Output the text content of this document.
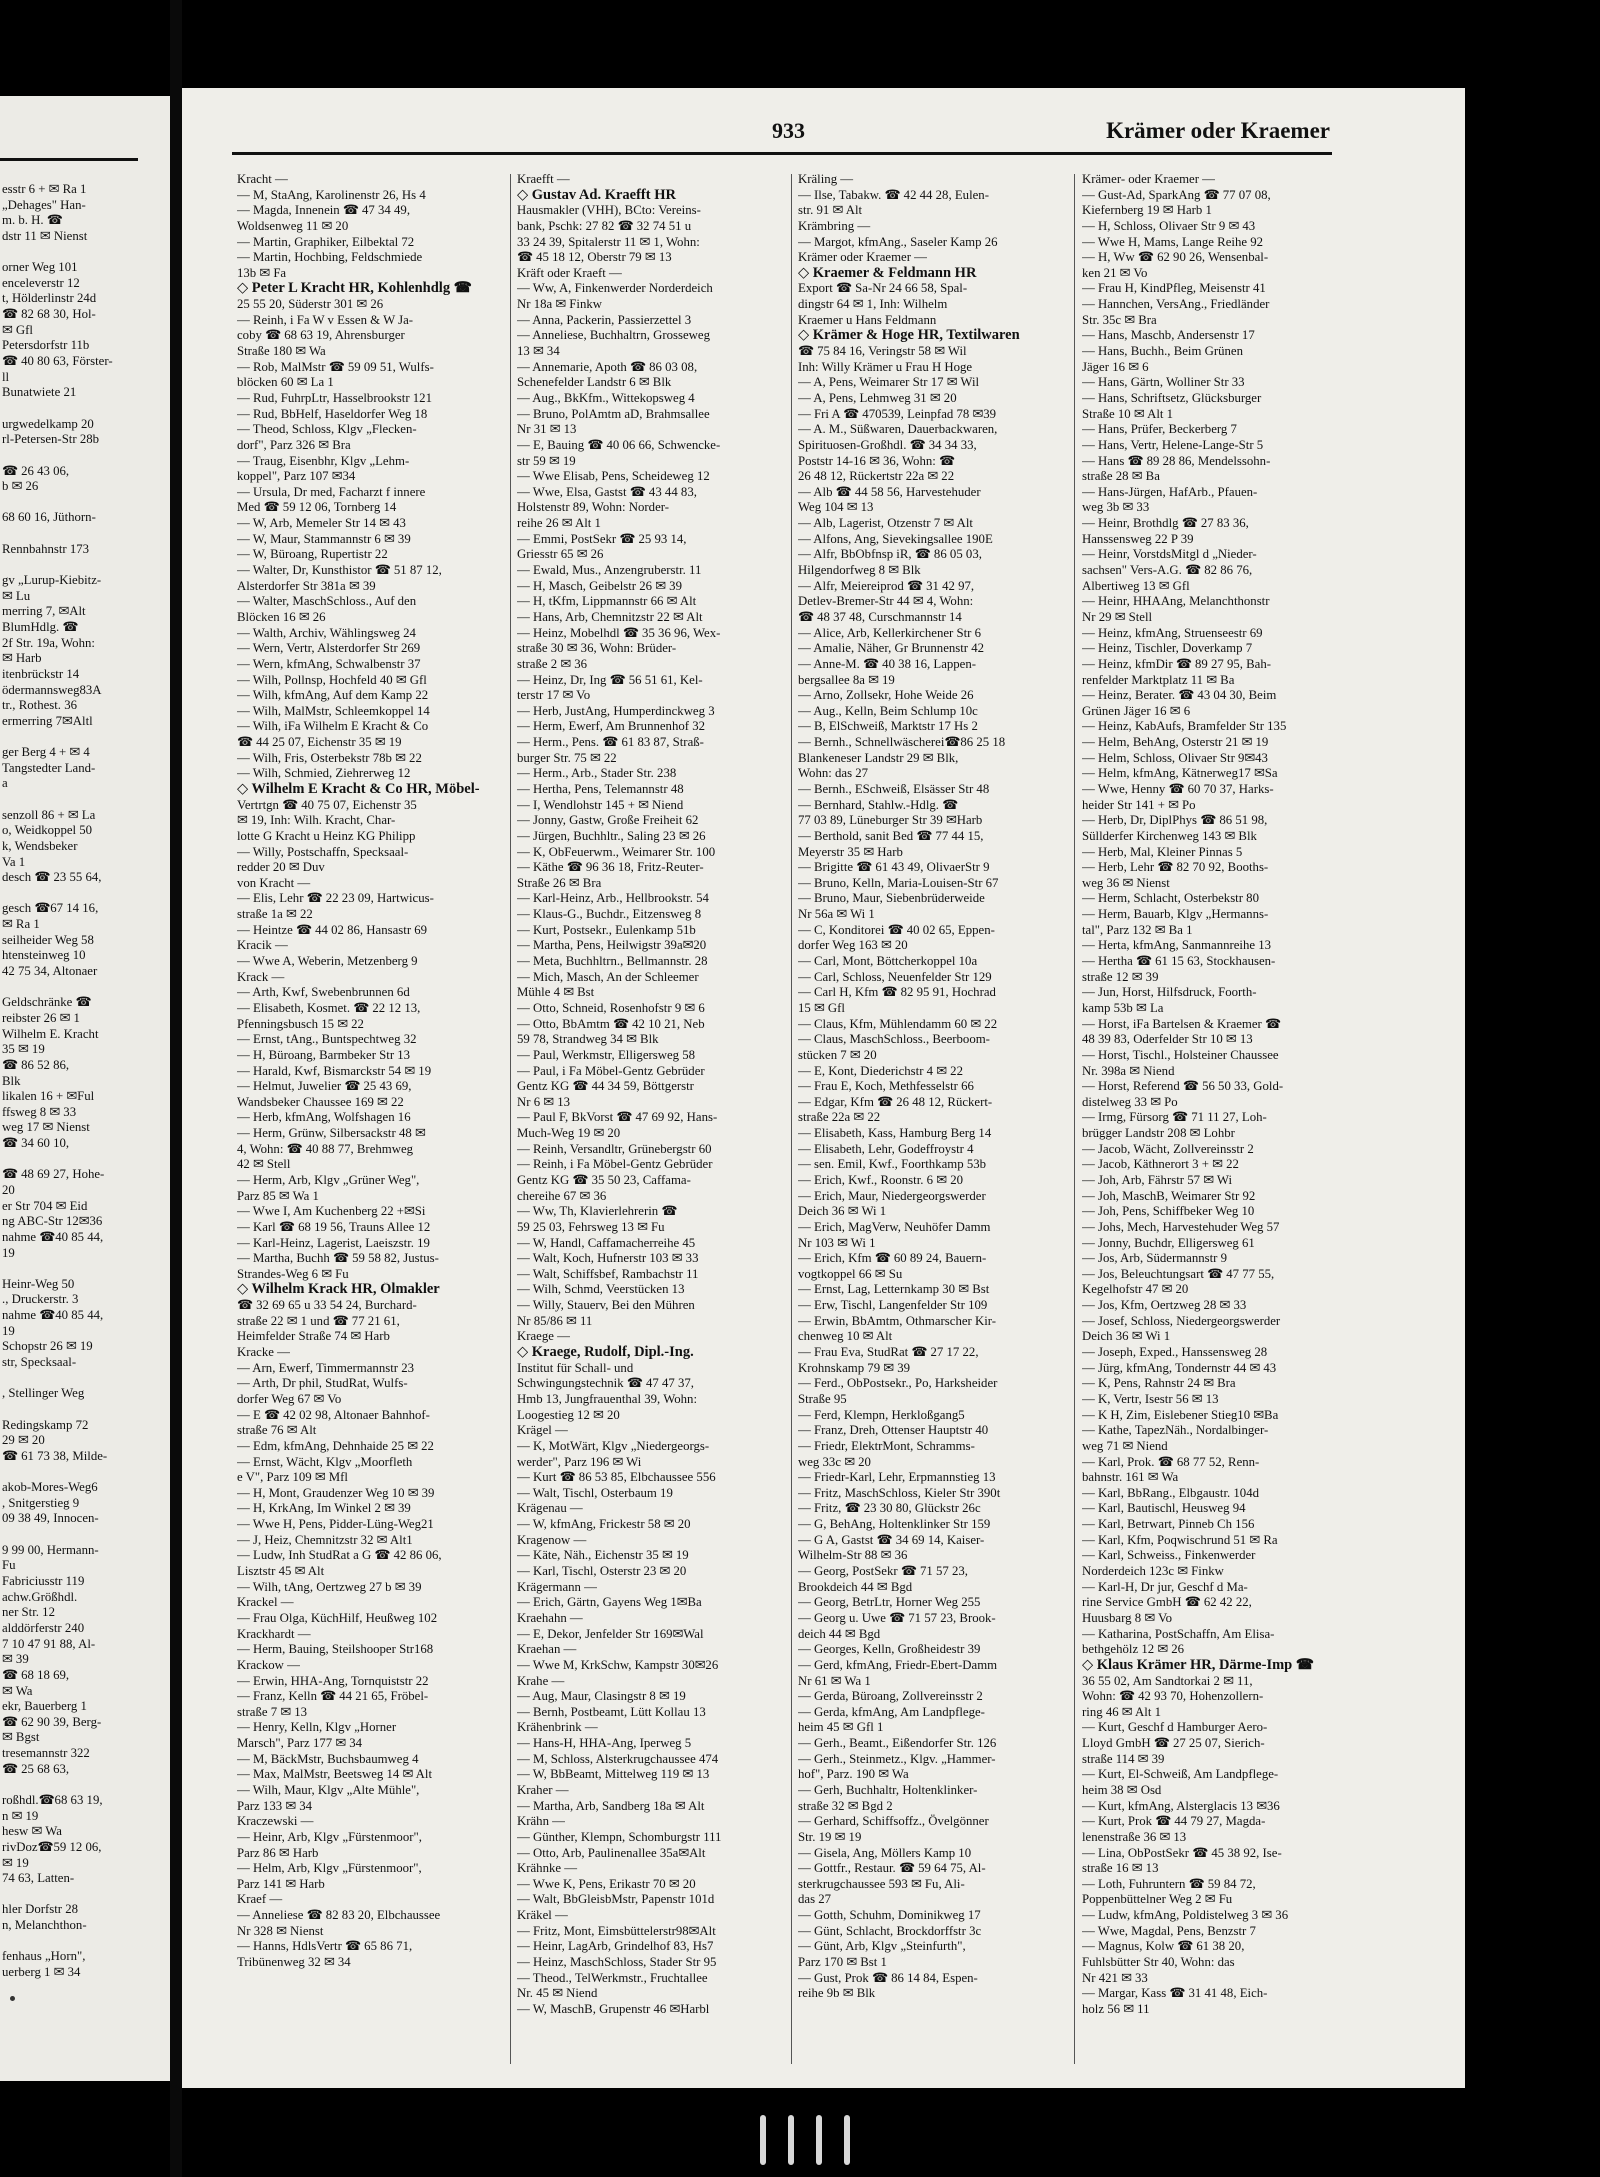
esstr 6 + ✉ Ra 1
„Dehages" Han-
m. b. H. ☎
dstr 11 ✉ Nienst
orner Weg 101
enceleverstr 12
t, Hölderlinstr 24d
☎ 82 68 30, Hol-
✉ Gfl
Petersdorfstr 11b
☎ 40 80 63, Förster-
ll
Bunatwiete 21
urgwedelkamp 20
rl-Petersen-Str 28b
☎ 26 43 06,
b ✉ 26
68 60 16, Jüthorn-
Rennbahnstr 173
gv „Lurup-Kiebitz-
✉ Lu
merring 7, ✉Alt
BlumHdlg. ☎
2f Str. 19a, Wohn:
✉ Harb
itenbrückstr 14
ödermannsweg83A
tr., Rothest. 36
ermerring 7✉Altl
ger Berg 4 + ✉ 4
Tangstedter Land-
a
senzoll 86 + ✉ La
o, Weidkoppel 50
k, Wendsbeker
Va 1
desch ☎ 23 55 64,
gesch ☎67 14 16,
✉ Ra 1
seilheider Weg 58
htensteinweg 10
42 75 34, Altonaer
Geldschränke ☎
reibster 26 ✉ 1
Wilhelm E. Kracht
35 ✉ 19
☎ 86 52 86,
Blk
likalen 16 + ✉Ful
ffsweg 8 ✉ 33
weg 17 ✉ Nienst
☎ 34 60 10,
☎ 48 69 27, Hohe-
20
er Str 704 ✉ Eid
ng ABC-Str 12✉36
nahme ☎40 85 44,
19
Heinr-Weg 50
., Druckerstr. 3
nahme ☎40 85 44,
19
Schopstr 26 ✉ 19
str, Specksaal-
, Stellinger Weg
Redingskamp 72
29 ✉ 20
☎ 61 73 38, Milde-
akob-Mores-Weg6
, Snitgerstieg 9
09 38 49, Innocen-
9 99 00, Hermann-
Fu
Fabriciusstr 119
achw.Größhdl.
ner Str. 12
alddörferstr 240
7 10 47 91 88, Al-
✉ 39
☎ 68 18 69,
✉ Wa
ekr, Bauerberg 1
☎ 62 90 39, Berg-
✉ Bgst
tresemannstr 322
☎ 25 68 63,
roßhdl.☎68 63 19,
n ✉ 19
hesw ✉ Wa
rivDoz☎59 12 06,
✉ 19
74 63, Latten-
hler Dorfstr 28
n, Melanchthon-
fenhaus „Horn",
uerberg 1 ✉ 34
933	Krämer oder Kraemer
Kracht —
— M, StaAng, Karolinenstr 26, Hs 4
— Magda, Innenein ☎ 47 34 49,
Woldsenweg 11 ✉ 20
— Martin, Graphiker, Eilbektal 72
— Martin, Hochbing, Feldschmiede
13b ✉ Fa
◇ Peter L Kracht HR, Kohlenhdlg ☎
25 55 20, Süderstr 301 ✉ 26
— Reinh, i Fa W v Essen & W Ja-
coby ☎ 68 63 19, Ahrensburger
Straße 180 ✉ Wa
— Rob, MalMstr ☎ 59 09 51, Wulfs-
blöcken 60 ✉ La 1
— Rud, FuhrpLtr, Hasselbrookstr 121
— Rud, BbHelf, Haseldorfer Weg 18
— Theod, Schloss, Klgv „Flecken-
dorf", Parz 326 ✉ Bra
— Traug, Eisenbhr, Klgv „Lehm-
koppel", Parz 107 ✉34
— Ursula, Dr med, Facharzt f innere
Med ☎ 59 12 06, Tornberg 14
— W, Arb, Memeler Str 14 ✉ 43
— W, Maur, Stammannstr 6 ✉ 39
— W, Büroang, Rupertistr 22
— Walter, Dr, Kunsthistor ☎ 51 87 12,
Alsterdorfer Str 381a ✉ 39
— Walter, MaschSchloss., Auf den
Blöcken 16 ✉ 26
— Walth, Archiv, Wählingsweg 24
— Wern, Vertr, Alsterdorfer Str 269
— Wern, kfmAng, Schwalbenstr 37
— Wilh, Pollnsp, Hochfeld 40 ✉ Gfl
— Wilh, kfmAng, Auf dem Kamp 22
— Wilh, MalMstr, Schleemkoppel 14
— Wilh, iFa Wilhelm E Kracht & Co
☎ 44 25 07, Eichenstr 35 ✉ 19
— Wilh, Fris, Osterbekstr 78b ✉ 22
— Wilh, Schmied, Ziehrerweg 12
◇ Wilhelm E Kracht & Co HR, Möbel-
Vertrtgn ☎ 40 75 07, Eichenstr 35
✉ 19, Inh: Wilh. Kracht, Char-
lotte G Kracht u Heinz KG Philipp
— Willy, Postschaffn, Specksaal-
redder 20 ✉ Duv
von Kracht —
— Elis, Lehr ☎ 22 23 09, Hartwicus-
straße 1a ✉ 22
— Heintze ☎ 44 02 86, Hansastr 69
Kracik —
— Wwe A, Weberin, Metzenberg 9
Krack —
— Arth, Kwf, Swebenbrunnen 6d
— Elisabeth, Kosmet. ☎ 22 12 13,
Pfenningsbusch 15 ✉ 22
— Ernst, tAng., Buntspechtweg 32
— H, Büroang, Barmbeker Str 13
— Harald, Kwf, Bismarckstr 54 ✉ 19
— Helmut, Juwelier ☎ 25 43 69,
Wandsbeker Chaussee 169 ✉ 22
— Herb, kfmAng, Wolfshagen 16
— Herm, Grünw, Silbersackstr 48 ✉
4, Wohn: ☎ 40 88 77, Brehmweg
42 ✉ Stell
— Herm, Arb, Klgv „Grüner Weg",
Parz 85 ✉ Wa 1
— Wwe I, Am Kuchenberg 22 +✉Si
— Karl ☎ 68 19 56, Trauns Allee 12
— Karl-Heinz, Lagerist, Laeiszstr. 19
— Martha, Buchh ☎ 59 58 82, Justus-
Strandes-Weg 6 ✉ Fu
◇ Wilhelm Krack HR, Ölmakler
☎ 32 69 65 u 33 54 24, Burchard-
straße 22 ✉ 1 und ☎ 77 21 61,
Heimfelder Straße 74 ✉ Harb
Kracke —
— Arn, Ewerf, Timmermannstr 23
— Arth, Dr phil, StudRat, Wulfs-
dorfer Weg 67 ✉ Vo
— E ☎ 42 02 98, Altonaer Bahnhof-
straße 76 ✉ Alt
— Edm, kfmAng, Dehnhaide 25 ✉ 22
— Ernst, Wächt, Klgv „Moorfleth
e V", Parz 109 ✉ Mfl
— H, Mont, Graudenzer Weg 10 ✉ 39
— H, KrkAng, Im Winkel 2 ✉ 39
— Wwe H, Pens, Pidder-Lüng-Weg21
— J, Heiz, Chemnitzstr 32 ✉ Alt1
— Ludw, Inh StudRat a G ☎ 42 86 06,
Lisztstr 45 ✉ Alt
— Wilh, tAng, Oertzweg 27 b ✉ 39
Krackel —
— Frau Olga, KüchHilf, Heußweg 102
Krackhardt —
— Herm, Bauing, Steilshooper Str168
Krackow —
— Erwin, HHA-Ang, Tornquiststr 22
— Franz, Kelln ☎ 44 21 65, Fröbel-
straße 7 ✉ 13
— Henry, Kelln, Klgv „Horner
Marsch", Parz 177 ✉ 34
— M, BäckMstr, Buchsbaumweg 4
— Max, MalMstr, Beetsweg 14 ✉ Alt
— Wilh, Maur, Klgv „Alte Mühle",
Parz 133 ✉ 34
Kraczewski —
— Heinr, Arb, Klgv „Fürstenmoor",
Parz 86 ✉ Harb
— Helm, Arb, Klgv „Fürstenmoor",
Parz 141 ✉ Harb
Kraef —
— Anneliese ☎ 82 83 20, Elbchaussee
Nr 328 ✉ Nienst
— Hanns, HdlsVertr ☎ 65 86 71,
Tribünenweg 32 ✉ 34
Kraefft —
◇ Gustav Ad. Kraefft HR
Hausmakler (VHH), BCto: Vereins-
bank, Pschk: 27 82 ☎ 32 74 51 u
33 24 39, Spitalerstr 11 ✉ 1, Wohn:
☎ 45 18 12, Oberstr 79 ✉ 13
Kräft oder Kraeft —
— Ww, A, Finkenwerder Norderdeich
Nr 18a ✉ Finkw
— Anna, Packerin, Passierzettel 3
— Anneliese, Buchhaltrn, Grosseweg
13 ✉ 34
— Annemarie, Apoth ☎ 86 03 08,
Schenefelder Landstr 6 ✉ Blk
— Aug., BkKfm., Wittekopsweg 4
— Bruno, PolAmtm aD, Brahmsallee
Nr 31 ✉ 13
— E, Bauing ☎ 40 06 66, Schwencke-
str 59 ✉ 19
— Wwe Elisab, Pens, Scheideweg 12
— Wwe, Elsa, Gastst ☎ 43 44 83,
Holstenstr 89, Wohn: Norder-
reihe 26 ✉ Alt 1
— Emmi, PostSekr ☎ 25 93 14,
Griesstr 65 ✉ 26
— Ewald, Mus., Anzengruberstr. 11
— H, Masch, Geibelstr 26 ✉ 39
— H, tKfm, Lippmannstr 66 ✉ Alt
— Hans, Arb, Chemnitzstr 22 ✉ Alt
— Heinz, Mobelhdl ☎ 35 36 96, Wex-
straße 30 ✉ 36, Wohn: Brüder-
straße 2 ✉ 36
— Heinz, Dr, Ing ☎ 56 51 61, Kel-
terstr 17 ✉ Vo
— Herb, JustAng, Humperdinckweg 3
— Herm, Ewerf, Am Brunnenhof 32
— Herm., Pens. ☎ 61 83 87, Straß-
burger Str. 75 ✉ 22
— Herm., Arb., Stader Str. 238
— Hertha, Pens, Telemannstr 48
— I, Wendlohstr 145 + ✉ Niend
— Jonny, Gastw, Große Freiheit 62
— Jürgen, Buchhltr., Saling 23 ✉ 26
— K, ObFeuerwm., Weimarer Str. 100
— Käthe ☎ 96 36 18, Fritz-Reuter-
Straße 26 ✉ Bra
— Karl-Heinz, Arb., Hellbrookstr. 54
— Klaus-G., Buchdr., Eitzensweg 8
— Kurt, Postsekr., Eulenkamp 51b
— Martha, Pens, Heilwigstr 39a✉20
— Meta, Buchhltrn., Bellmannstr. 28
— Mich, Masch, An der Schleemer
Mühle 4 ✉ Bst
— Otto, Schneid, Rosenhofstr 9 ✉ 6
— Otto, BbAmtm ☎ 42 10 21, Neb
59 78, Strandweg 34 ✉ Blk
— Paul, Werkmstr, Elligersweg 58
— Paul, i Fa Möbel-Gentz Gebrüder
Gentz KG ☎ 44 34 59, Böttgerstr
Nr 6 ✉ 13
— Paul F, BkVorst ☎ 47 69 92, Hans-
Much-Weg 19 ✉ 20
— Reinh, Versandltr, Grünebergstr 60
— Reinh, i Fa Möbel-Gentz Gebrüder
Gentz KG ☎ 35 50 23, Caffama-
chereihe 67 ✉ 36
— Ww, Th, Klavierlehrerin ☎
59 25 03, Fehrsweg 13 ✉ Fu
— W, Handl, Caffamacherreihe 45
— Walt, Koch, Hufnerstr 103 ✉ 33
— Walt, Schiffsbef, Rambachstr 11
— Wilh, Schmd, Veerstücken 13
— Willy, Stauerv, Bei den Mühren
Nr 85/86 ✉ 11
Kraege —
◇ Kraege, Rudolf, Dipl.-Ing.
Institut für Schall- und
Schwingungstechnik ☎ 47 47 37,
Hmb 13, Jungfrauenthal 39, Wohn:
Loogestieg 12 ✉ 20
Krägel —
— K, MotWärt, Klgv „Niedergeorgs-
werder", Parz 196 ✉ Wi
— Kurt ☎ 86 53 85, Elbchaussee 556
— Walt, Tischl, Osterbaum 19
Krägenau —
— W, kfmAng, Frickestr 58 ✉ 20
Kragenow —
— Käte, Näh., Eichenstr 35 ✉ 19
— Karl, Tischl, Osterstr 23 ✉ 20
Krägermann —
— Erich, Gärtn, Gayens Weg 1✉Ba
Kraehahn —
— E, Dekor, Jenfelder Str 169✉Wal
Kraehan —
— Wwe M, KrkSchw, Kampstr 30✉26
Krahe —
— Aug, Maur, Clasingstr 8 ✉ 19
— Bernh, Postbeamt, Lütt Kollau 13
Krähenbrink —
— Hans-H, HHA-Ang, Iperweg 5
— M, Schloss, Alsterkrugchaussee 474
— W, BbBeamt, Mittelweg 119 ✉ 13
Kraher —
— Martha, Arb, Sandberg 18a ✉ Alt
Krähn —
— Günther, Klempn, Schomburgstr 111
— Otto, Arb, Paulinenallee 35a✉Alt
Krähnke —
— Wwe K, Pens, Erikastr 70 ✉ 20
— Walt, BbGleisbMstr, Papenstr 101d
Kräkel —
— Fritz, Mont, Eimsbüttelerstr98✉Alt
— Heinr, LagArb, Grindelhof 83, Hs7
— Heinz, MaschSchloss, Stader Str 95
— Theod., TelWerkmstr., Fruchtallee
Nr. 45 ✉ Niend
— W, MaschB, Grupenstr 46 ✉Harbl
Kräling —
— Ilse, Tabakw. ☎ 42 44 28, Eulen-
str. 91 ✉ Alt
Krämbring —
— Margot, kfmAng., Saseler Kamp 26
Krämer oder Kraemer —
◇ Kraemer & Feldmann HR
Export ☎ Sa-Nr 24 66 58, Spal-
dingstr 64 ✉ 1, Inh: Wilhelm
Kraemer u Hans Feldmann
◇ Krämer & Hoge HR, Textilwaren
☎ 75 84 16, Veringstr 58 ✉ Wil
Inh: Willy Krämer u Frau H Hoge
— A, Pens, Weimarer Str 17 ✉ Wil
— A, Pens, Lehmweg 31 ✉ 20
— Fri A ☎ 470539, Leinpfad 78 ✉39
— A. M., Süßwaren, Dauerbackwaren,
Spirituosen-Großhdl. ☎ 34 34 33,
Poststr 14-16 ✉ 36, Wohn: ☎
26 48 12, Rückertstr 22a ✉ 22
— Alb ☎ 44 58 56, Harvestehuder
Weg 104 ✉ 13
— Alb, Lagerist, Otzenstr 7 ✉ Alt
— Alfons, Ang, Sievekingsallee 190E
— Alfr, BbObfnsp iR, ☎ 86 05 03,
Hilgendorfweg 8 ✉ Blk
— Alfr, Meiereiprod ☎ 31 42 97,
Detlev-Bremer-Str 44 ✉ 4, Wohn:
☎ 48 37 48, Curschmannstr 14
— Alice, Arb, Kellerkirchener Str 6
— Amalie, Näher, Gr Brunnenstr 42
— Anne-M. ☎ 40 38 16, Lappen-
bergsallee 8a ✉ 19
— Arno, Zollsekr, Hohe Weide 26
— Aug., Kelln, Beim Schlump 10c
— B, ElSchweiß, Marktstr 17 Hs 2
— Bernh., Schnellwäscherei☎86 25 18
Blankeneser Landstr 29 ✉ Blk,
Wohn: das 27
— Bernh., ESchweiß, Elsässer Str 48
— Bernhard, Stahlw.-Hdlg. ☎
77 03 89, Lüneburger Str 39 ✉Harb
— Berthold, sanit Bed ☎ 77 44 15,
Meyerstr 35 ✉ Harb
— Brigitte ☎ 61 43 49, OlivaerStr 9
— Bruno, Kelln, Maria-Louisen-Str 67
— Bruno, Maur, Siebenbrüderweide
Nr 56a ✉ Wi 1
— C, Konditorei ☎ 40 02 65, Eppen-
dorfer Weg 163 ✉ 20
— Carl, Mont, Böttcherkoppel 10a
— Carl, Schloss, Neuenfelder Str 129
— Carl H, Kfm ☎ 82 95 91, Hochrad
15 ✉ Gfl
— Claus, Kfm, Mühlendamm 60 ✉ 22
— Claus, MaschSchloss., Beerboom-
stücken 7 ✉ 20
— E, Kont, Diederichstr 4 ✉ 22
— Frau E, Koch, Methfesselstr 66
— Edgar, Kfm ☎ 26 48 12, Rückert-
straße 22a ✉ 22
— Elisabeth, Kass, Hamburg Berg 14
— Elisabeth, Lehr, Godeffroystr 4
— sen. Emil, Kwf., Foorthkamp 53b
— Erich, Kwf., Roonstr. 6 ✉ 20
— Erich, Maur, Niedergeorgswerder
Deich 36 ✉ Wi 1
— Erich, MagVerw, Neuhöfer Damm
Nr 103 ✉ Wi 1
— Erich, Kfm ☎ 60 89 24, Bauern-
vogtkoppel 66 ✉ Su
— Ernst, Lag, Letternkamp 30 ✉ Bst
— Erw, Tischl, Langenfelder Str 109
— Erwin, BbAmtm, Othmarscher Kir-
chenweg 10 ✉ Alt
— Frau Eva, StudRat ☎ 27 17 22,
Krohnskamp 79 ✉ 39
— Ferd., ObPostsekr., Po, Harksheider
Straße 95
— Ferd, Klempn, Herkloßgang5
— Franz, Dreh, Ottenser Hauptstr 40
— Friedr, ElektrMont, Schramms-
weg 33c ✉ 20
— Friedr-Karl, Lehr, Erpmannstieg 13
— Fritz, MaschSchloss, Kieler Str 390t
— Fritz, ☎ 23 30 80, Glückstr 26c
— G, BehAng, Holtenklinker Str 159
— G A, Gastst ☎ 34 69 14, Kaiser-
Wilhelm-Str 88 ✉ 36
— Georg, PostSekr ☎ 71 57 23,
Brookdeich 44 ✉ Bgd
— Georg, BetrLtr, Horner Weg 255
— Georg u. Uwe ☎ 71 57 23, Brook-
deich 44 ✉ Bgd
— Georges, Kelln, Großheidestr 39
— Gerd, kfmAng, Friedr-Ebert-Damm
Nr 61 ✉ Wa 1
— Gerda, Büroang, Zollvereinsstr 2
— Gerda, kfmAng, Am Landpflege-
heim 45 ✉ Gfl 1
— Gerh., Beamt., Eißendorfer Str. 126
— Gerh., Steinmetz., Klgv. „Hammer-
hof", Parz. 190 ✉ Wa
— Gerh, Buchhaltr, Holtenklinker-
straße 32 ✉ Bgd 2
— Gerhard, Schiffsoffz., Övelgönner
Str. 19 ✉ 19
— Gisela, Ang, Möllers Kamp 10
— Gottfr., Restaur. ☎ 59 64 75, Al-
sterkrugchaussee 593 ✉ Fu, Ali-
das 27
— Gotth, Schuhm, Dominikweg 17
— Günt, Schlacht, Brockdorffstr 3c
— Günt, Arb, Klgv „Steinfurth",
Parz 170 ✉ Bst 1
— Gust, Prok ☎ 86 14 84, Espen-
reihe 9b ✉ Blk
Krämer- oder Kraemer —
— Gust-Ad, SparkAng ☎ 77 07 08,
Kiefernberg 19 ✉ Harb 1
— H, Schloss, Olivaer Str 9 ✉ 43
— Wwe H, Mams, Lange Reihe 92
— H, Ww ☎ 62 90 26, Wensenbal-
ken 21 ✉ Vo
— Frau H, KindPfleg, Meisenstr 41
— Hannchen, VersAng., Friedländer
Str. 35c ✉ Bra
— Hans, Maschb, Andersenstr 17
— Hans, Buchh., Beim Grünen
Jäger 16 ✉ 6
— Hans, Gärtn, Wolliner Str 33
— Hans, Schriftsetz, Glücksburger
Straße 10 ✉ Alt 1
— Hans, Prüfer, Beckerberg 7
— Hans, Vertr, Helene-Lange-Str 5
— Hans ☎ 89 28 86, Mendelssohn-
straße 28 ✉ Ba
— Hans-Jürgen, HafArb., Pfauen-
weg 3b ✉ 33
— Heinr, Brothdlg ☎ 27 83 36,
Hanssensweg 22 P 39
— Heinr, VorstdsMitgl d „Nieder-
sachsen" Vers-A.G. ☎ 82 86 76,
Albertiweg 13 ✉ Gfl
— Heinr, HHAAng, Melanchthonstr
Nr 29 ✉ Stell
— Heinz, kfmAng, Struenseestr 69
— Heinz, Tischler, Doverkamp 7
— Heinz, kfmDir ☎ 89 27 95, Bah-
renfelder Marktplatz 11 ✉ Ba
— Heinz, Berater. ☎ 43 04 30, Beim
Grünen Jäger 16 ✉ 6
— Heinz, KabAufs, Bramfelder Str 135
— Helm, BehAng, Osterstr 21 ✉ 19
— Helm, Schloss, Olivaer Str 9✉43
— Helm, kfmAng, Kätnerweg17 ✉Sa
— Wwe, Henny ☎ 60 70 37, Harks-
heider Str 141 + ✉ Po
— Herb, Dr, DiplPhys ☎ 86 51 98,
Süllderfer Kirchenweg 143 ✉ Blk
— Herb, Mal, Kleiner Pinnas 5
— Herb, Lehr ☎ 82 70 92, Booths-
weg 36 ✉ Nienst
— Herm, Schlacht, Osterbekstr 80
— Herm, Bauarb, Klgv „Hermanns-
tal", Parz 132 ✉ Ba 1
— Herta, kfmAng, Sanmannreihe 13
— Hertha ☎ 61 15 63, Stockhausen-
straße 12 ✉ 39
— Jun, Horst, Hilfsdruck, Foorth-
kamp 53b ✉ La
— Horst, iFa Bartelsen & Kraemer ☎
48 39 83, Oderfelder Str 10 ✉ 13
— Horst, Tischl., Holsteiner Chaussee
Nr. 398a ✉ Niend
— Horst, Referend ☎ 56 50 33, Gold-
distelweg 33 ✉ Po
— Irmg, Fürsorg ☎ 71 11 27, Loh-
brügger Landstr 208 ✉ Lohbr
— Jacob, Wächt, Zollvereinsstr 2
— Jacob, Käthnerort 3 + ✉ 22
— Joh, Arb, Fährstr 57 ✉ Wi
— Joh, MaschB, Weimarer Str 92
— Joh, Pens, Schiffbeker Weg 10
— Johs, Mech, Harvestehuder Weg 57
— Jonny, Buchdr, Elligersweg 61
— Jos, Arb, Südermannstr 9
— Jos, Beleuchtungsart ☎ 47 77 55,
Kegelhofstr 47 ✉ 20
— Jos, Kfm, Oertzweg 28 ✉ 33
— Josef, Schloss, Niedergeorgswerder
Deich 36 ✉ Wi 1
— Joseph, Exped., Hanssensweg 28
— Jürg, kfmAng, Tondernstr 44 ✉ 43
— K, Pens, Rahnstr 24 ✉ Bra
— K, Vertr, Isestr 56 ✉ 13
— K H, Zim, Eislebener Stieg10 ✉Ba
— Kathe, TapezNäh., Nordalbinger-
weg 71 ✉ Niend
— Karl, Prok. ☎ 68 77 52, Renn-
bahnstr. 161 ✉ Wa
— Karl, BbRang., Elbgaustr. 104d
— Karl, Bautischl, Heusweg 94
— Karl, Betrwart, Pinneb Ch 156
— Karl, Kfm, Poqwischrund 51 ✉ Ra
— Karl, Schweiss., Finkenwerder
Norderdeich 123c ✉ Finkw
— Karl-H, Dr jur, Geschf d Ma-
rine Service GmbH ☎ 62 42 22,
Huusbarg 8 ✉ Vo
— Katharina, PostSchaffn, Am Elisa-
bethgehölz 12 ✉ 26
◇ Klaus Krämer HR, Därme-Imp ☎
36 55 02, Am Sandtorkai 2 ✉ 11,
Wohn: ☎ 42 93 70, Hohenzollern-
ring 46 ✉ Alt 1
— Kurt, Geschf d Hamburger Aero-
Lloyd GmbH ☎ 27 25 07, Sierich-
straße 114 ✉ 39
— Kurt, El-Schweiß, Am Landpflege-
heim 38 ✉ Osd
— Kurt, kfmAng, Alsterglacis 13 ✉36
— Kurt, Prok ☎ 44 79 27, Magda-
lenenstraße 36 ✉ 13
— Lina, ObPostSekr ☎ 45 38 92, Ise-
straße 16 ✉ 13
— Loth, Fuhruntern ☎ 59 84 72,
Poppenbüttelner Weg 2 ✉ Fu
— Ludw, kfmAng, Poldistelweg 3 ✉ 36
— Wwe, Magdal, Pens, Benzstr 7
— Magnus, Kolw ☎ 61 38 20,
Fuhlsbütter Str 40, Wohn: das
Nr 421 ✉ 33
— Margar, Kass ☎ 31 41 48, Eich-
holz 56 ✉ 11
